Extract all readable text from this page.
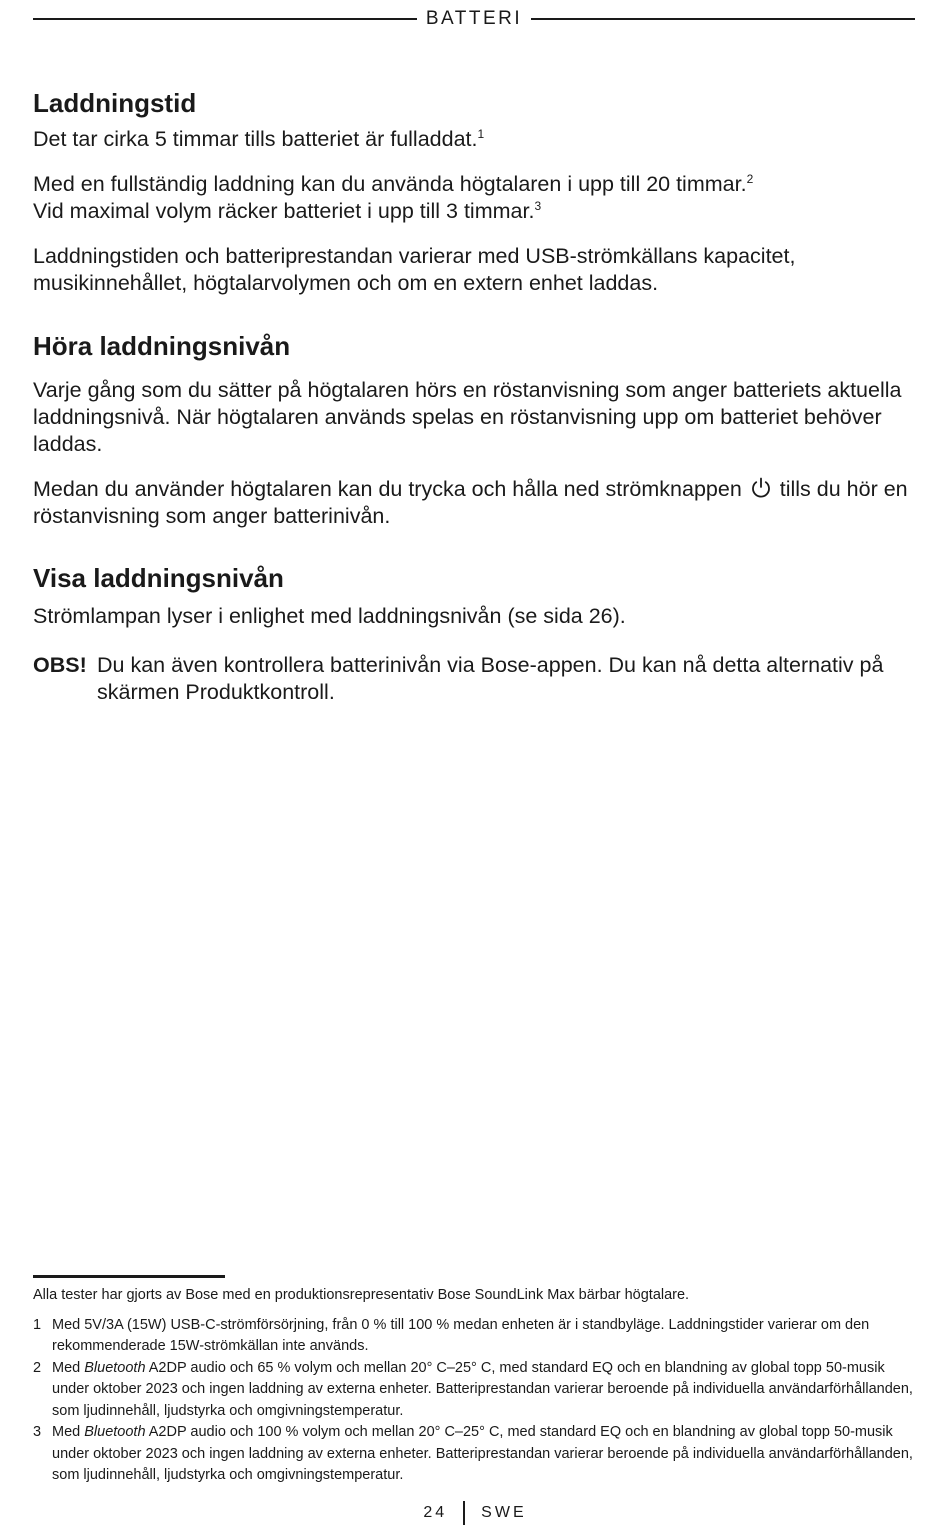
BATTERI
Laddningstid

Det tar cirka 5 timmar tills batteriet är fulladdat.$^1$

Med en fullständig laddning kan du använda högtalaren i upp till 20 timmar.$^2$
Vid maximal volym räcker batteriet i upp till 3 timmar.$^3$

Laddningstiden och batteriprestandan varierar med USB-strömkällans kapacitet, musikinnehållet, högtalarvolymen och om en extern enhet laddas.

Höra laddningsnivån

Varje gång som du sätter på högtalaren hörs en röstanvisning som anger batteriets aktuella laddningsnivå. När högtalaren används spelas en röstanvisning upp om batteriet behöver laddas.

Medan du använder högtalaren kan du trycka och hålla ned strömknappen tills du hör en röstanvisning som anger batterinivån.

Visa laddningsnivån

Strömlampan lyser i enlighet med laddningsnivån (se sida 26).

OBS! Du kan även kontrollera batterinivån via Bose-appen. Du kan nå detta alternativ på skärmen Produktkontroll.
Alla tester har gjorts av Bose med en produktionsrepresentativ Bose SoundLink Max bärbar högtalare.
1 Med 5V/3A (15W) USB-C-strömförsörjning, från 0 % till 100 % medan enheten är i standbyläge. Laddningstider varierar om den rekommenderade 15W-strömkällan inte används.
2 Med Bluetooth A2DP audio och 65 % volym och mellan 20° C–25° C, med standard EQ och en blandning av global topp 50-musik under oktober 2023 och ingen laddning av externa enheter. Batteriprestandan varierar beroende på individuella användarförhållanden, som ljudinnehåll, ljudstyrka och omgivningstemperatur.
3 Med Bluetooth A2DP audio och 100 % volym och mellan 20° C–25° C, med standard EQ och en blandning av global topp 50-musik under oktober 2023 och ingen laddning av externa enheter. Batteriprestandan varierar beroende på individuella användarförhållanden, som ljudinnehåll, ljudstyrka och omgivningstemperatur.
24 SWE
